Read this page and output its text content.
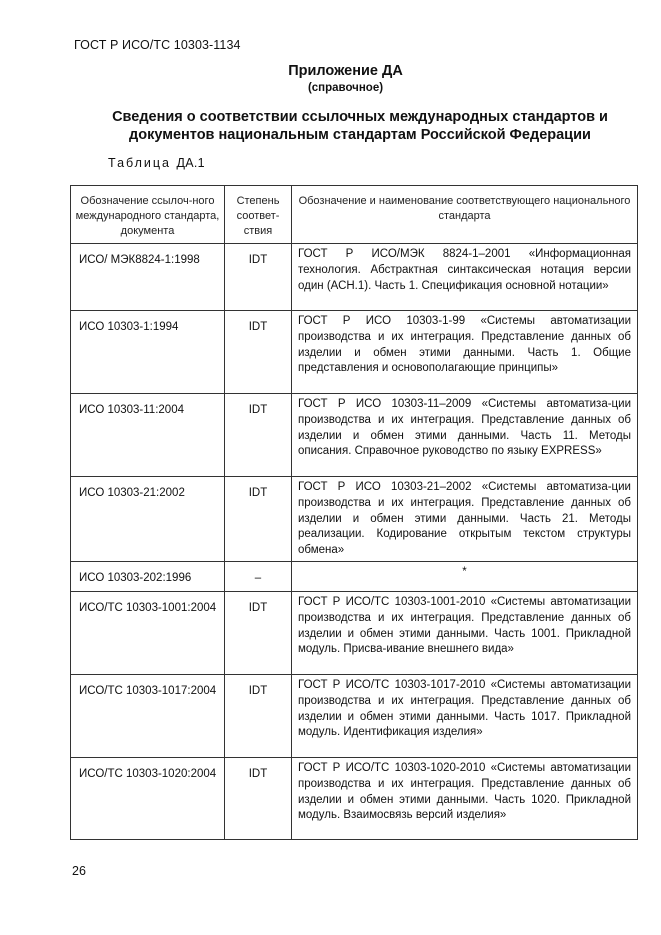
ГОСТ Р ИСО/ТС 10303-1134
Приложение ДА
(справочное)
Сведения о соответствии ссылочных международных стандартов и
документов национальным стандартам Российской Федерации
Таблица ДА.1
Обозначение ссылоч-ного международного стандарта, документа	Степень соответ-ствия	Обозначение и наименование соответствующего национального стандарта
ИСО/ МЭК8824-1:1998	IDT	ГОСТ Р ИСО/МЭК 8824-1–2001 «Информационная технология. Абстрактная синтаксическая нотация версии один (АСН.1). Часть 1. Спецификация основной нотации»
ИСО 10303-1:1994	IDT	ГОСТ Р ИСО 10303-1-99 «Системы автоматизации производства и их интеграция. Представление данных об изделии и обмен этими данными. Часть 1. Общие представления и основополагающие принципы»
ИСО 10303-11:2004	IDT	ГОСТ Р ИСО 10303-11–2009 «Системы автоматиза-ции производства и их интеграция. Представление данных об изделии и обмен этими данными. Часть 11. Методы описания. Справочное руководство по языку EXPRESS»
ИСО 10303-21:2002	IDT	ГОСТ Р ИСО 10303-21–2002 «Системы автоматиза-ции производства и их интеграция. Представление данных об изделии и обмен этими данными. Часть 21. Методы реализации. Кодирование открытым текстом структуры обмена»
ИСО 10303-202:1996	–	*
ИСО/ТС 10303-1001:2004	IDT	ГОСТ Р ИСО/ТС 10303-1001-2010 «Системы автоматизации производства и их интеграция. Представление данных об изделии и обмен этими данными. Часть 1001. Прикладной модуль. Присва-ивание внешнего вида»
ИСО/ТС 10303-1017:2004	IDT	ГОСТ Р ИСО/ТС 10303-1017-2010 «Системы автоматизации производства и их интеграция. Представление данных об изделии и обмен этими данными. Часть 1017. Прикладной модуль. Идентификация изделия»
ИСО/ТС 10303-1020:2004	IDT	ГОСТ Р ИСО/ТС 10303-1020-2010 «Системы автоматизации производства и их интеграция. Представление данных об изделии и обмен этими данными. Часть 1020. Прикладной модуль. Взаимосвязь версий изделия»
26
